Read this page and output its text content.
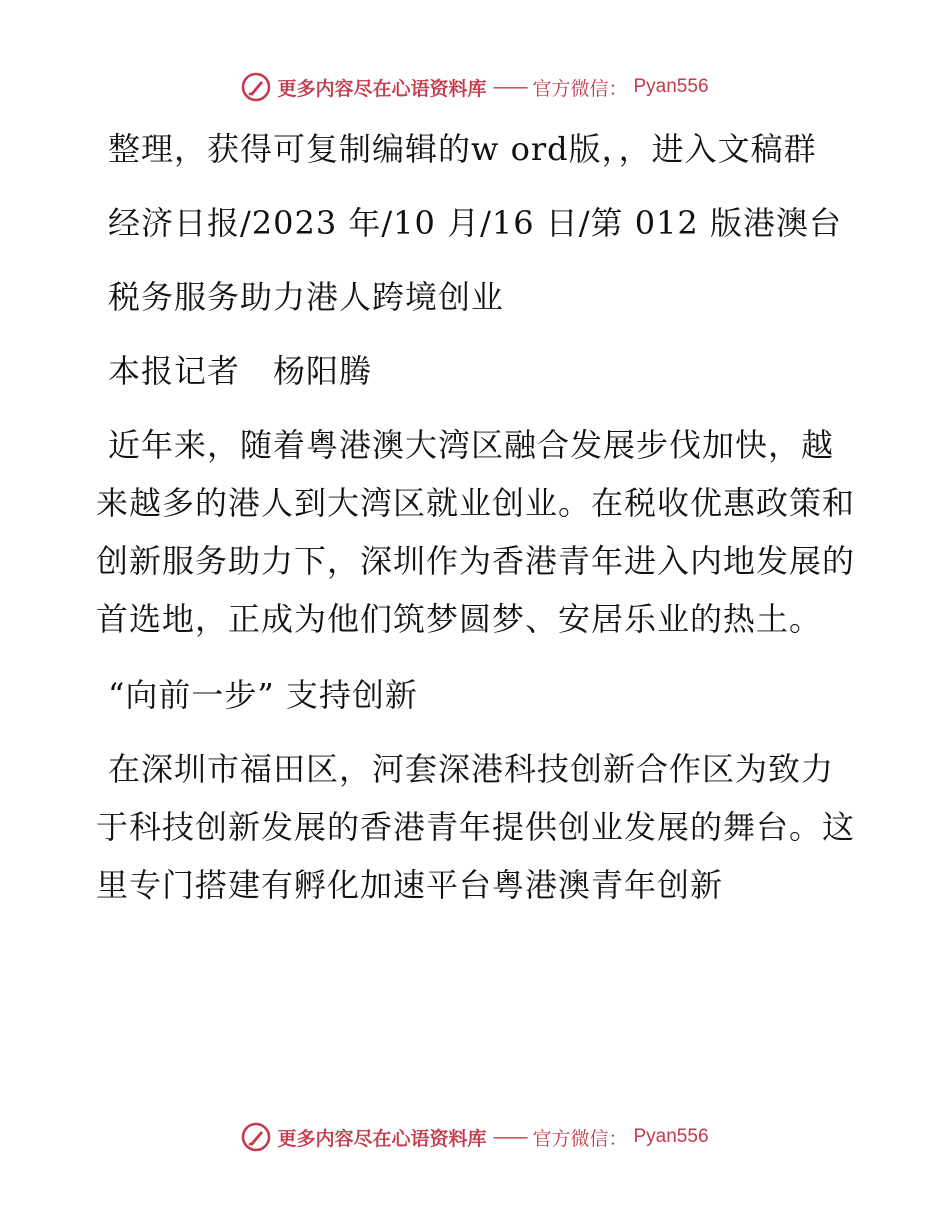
更多内容尽在心语资料库 —— 官方微信： Pyan556

整理，获得可复制编辑的w ord版，，进入文稿群

经济日报/2023 年/10 月/16 日/第 012 版港澳台

税务服务助力港人跨境创业

本报记者　杨阳腾

近年来，随着粤港澳大湾区融合发展步伐加快，越来越多的港人到大湾区就业创业。在税收优惠政策和创新服务助力下，深圳作为香港青年进入内地发展的首选地，正成为他们筑梦圆梦、安居乐业的热土。

“向前一步” 支持创新

在深圳市福田区，河套深港科技创新合作区为致力于科技创新发展的香港青年提供创业发展的舞台。这里专门搭建有孵化加速平台粤港澳青年创新

更多内容尽在心语资料库 —— 官方微信： Pyan556
